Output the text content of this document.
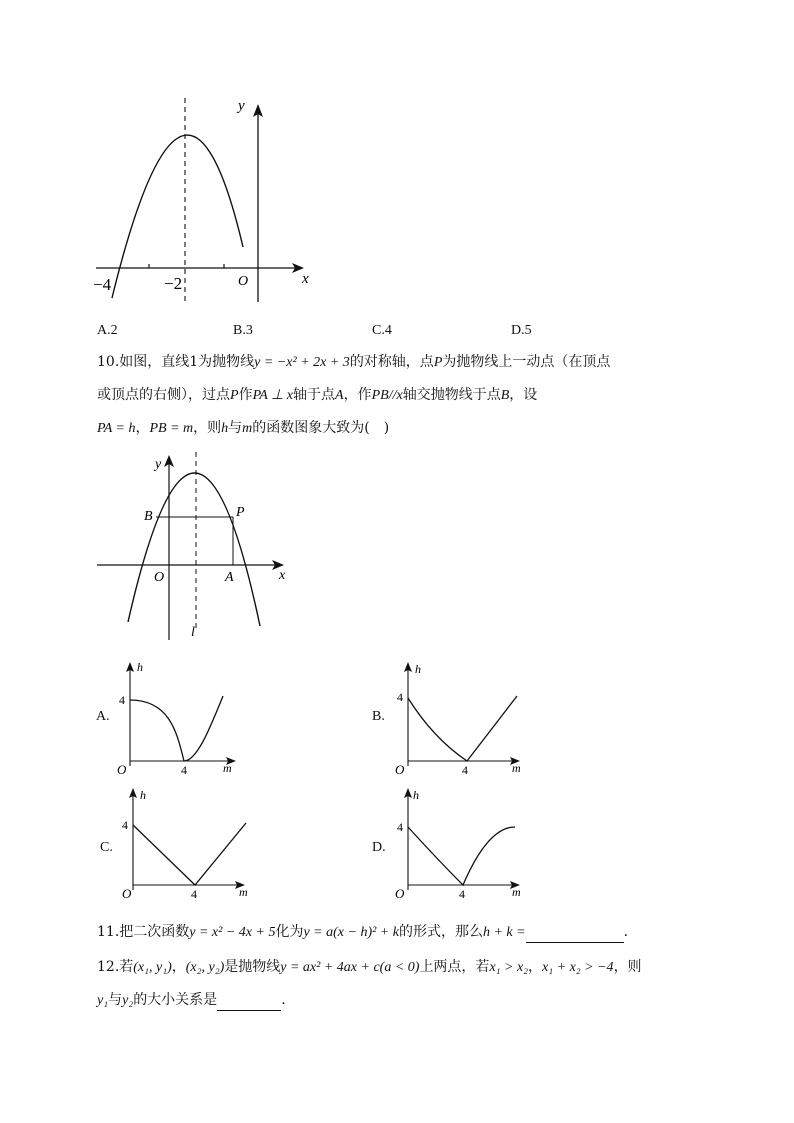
y
x
O
−4	−2
A.2	B.3	C.4	D.5
10.如图，直线1为抛物线y = −x² + 2x + 3的对称轴，点P为抛物线上一动点（在顶点
或顶点的右侧），过点P作PA ⊥ x轴于点A，作PB//x轴交抛物线于点B，设
PA = h，PB = m，则h与m的函数图象大致为(　)
y
x
O
B	P
A
l
A.
h
m
O
4
4
B.
h
m
O
4
4
C.
h
m
O
4
4
D.
h
m
O
4
4
11.把二次函数y = x² − 4x + 5化为y = a(x − h)² + k的形式，那么h + k =	.
12.若(x₁, y₁)，(x₂, y₂)是抛物线y = ax² + 4ax + c(a < 0)上两点，若x₁ > x₂，x₁ + x₂ > −4，则
y₁与y₂的大小关系是	.
